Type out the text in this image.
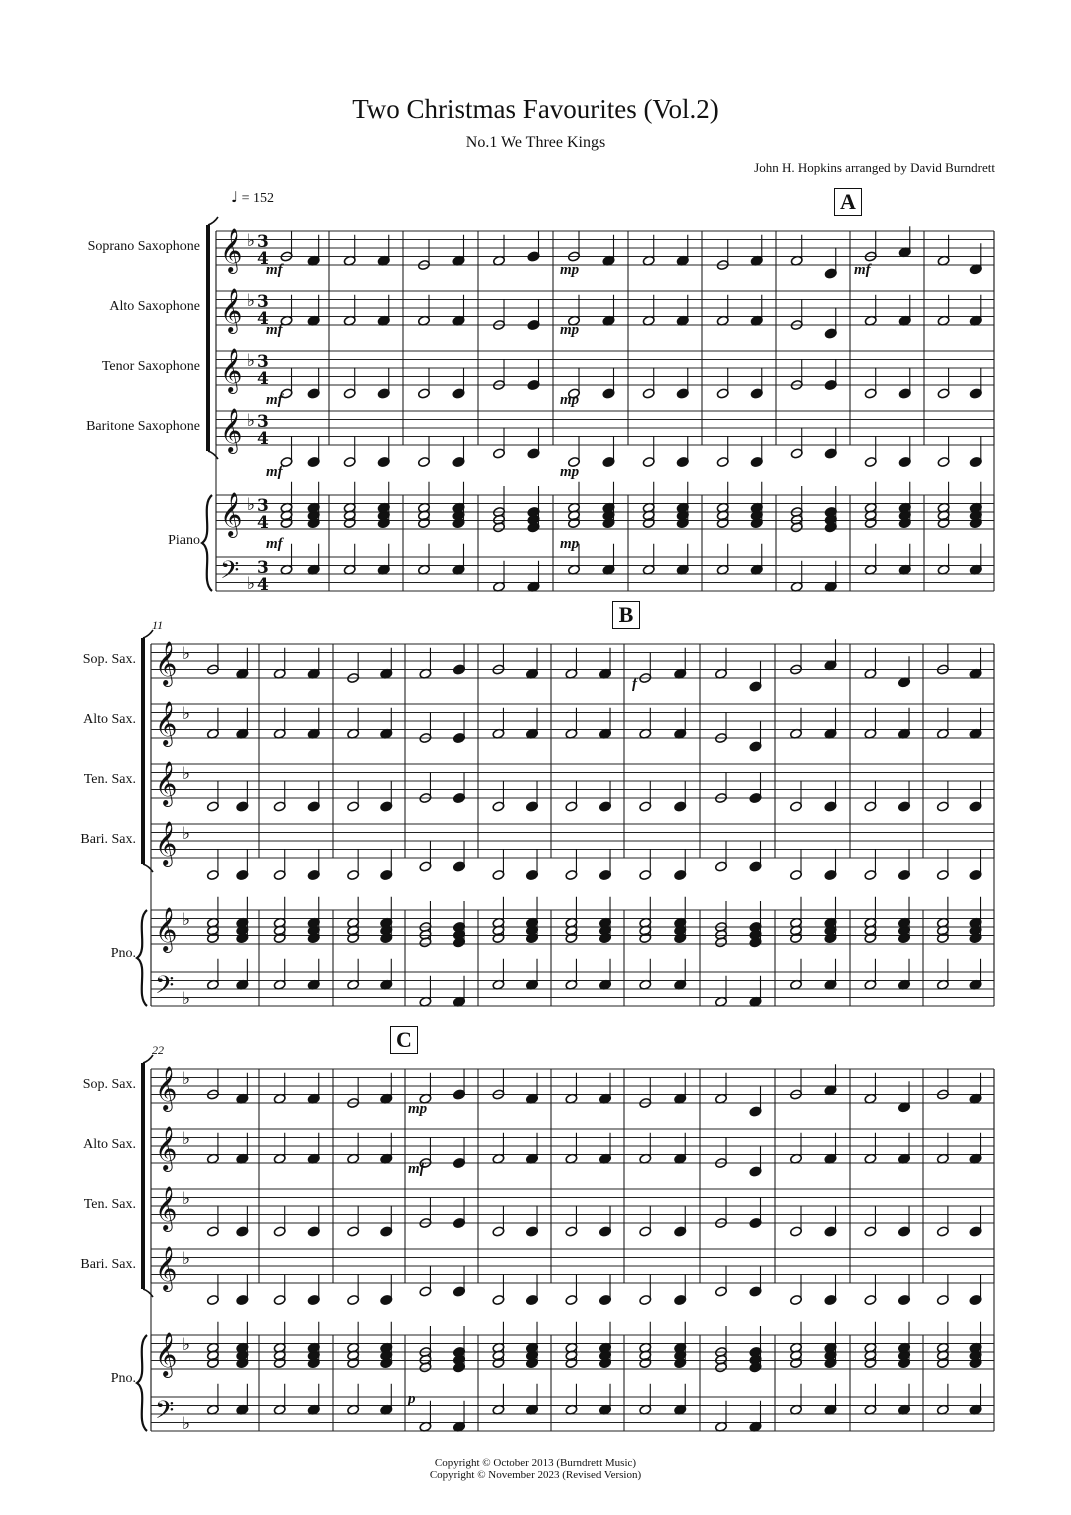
Two Christmas Favourites (Vol.2)
No.1 We Three Kings
John H. Hopkins arranged by David Burndrett
♩ = 152
Soprano Saxophone
Alto Saxophone
Tenor Saxophone
Baritone Saxophone
Piano
Sop. Sax.
Alto Sax.
Ten. Sax.
Bari. Sax.
Pno.
Sop. Sax.
Alto Sax.
Ten. Sax.
Bari. Sax.
Pno.
A
B
C
11
22
mf
mf
mf
mf
mf
mp
mp
mp
mp
mp
mf
f
mp
mf
p
𝄞 ♭ 3
4
𝄞 ♭ 3
4
𝄞 ♭ 3
4
𝄞 ♭ 3
4
𝄞 ♭ 3
4
𝄢 ♭
3
4
𝄞 ♭
𝄞 ♭
𝄞 ♭
𝄞 ♭
𝄞 ♭
𝄢 ♭
𝄞 ♭
𝄞 ♭
𝄞 ♭
𝄞 ♭
𝄞 ♭
𝄢 ♭
Copyright © October 2013 (Burndrett Music)
Copyright © November 2023 (Revised Version)
